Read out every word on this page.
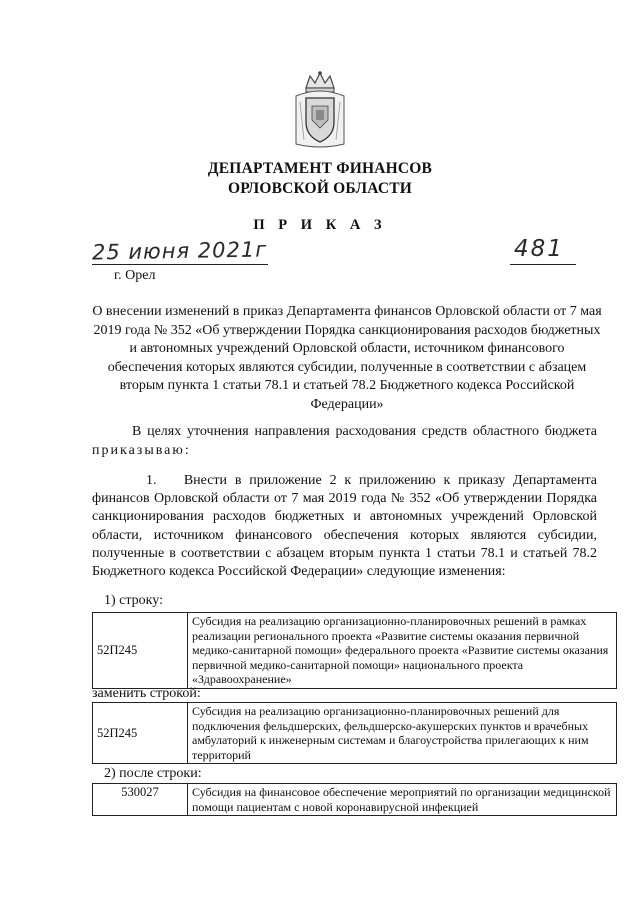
ДЕПАРТАМЕНТ ФИНАНСОВ
ОРЛОВСКОЙ ОБЛАСТИ
П Р И К А З
25 июня 2021г	481
г. Орел
О внесении изменений в приказ Департамента финансов Орловской области от 7 мая 2019 года № 352 «Об утверждении Порядка санкционирования расходов бюджетных и автономных учреждений Орловской области, источником финансового обеспечения которых являются субсидии, полученные в соответствии с абзацем вторым пункта 1 статьи 78.1 и статьей 78.2 Бюджетного кодекса Российской Федерации»
В целях уточнения направления расходования средств областного бюджета приказываю:
1. Внести в приложение 2 к приложению к приказу Департамента финансов Орловской области от 7 мая 2019 года № 352 «Об утверждении Порядка санкционирования расходов бюджетных и автономных учреждений Орловской области, источником финансового обеспечения которых являются субсидии, полученные в соответствии с абзацем вторым пункта 1 статьи 78.1 и статьей 78.2 Бюджетного кодекса Российской Федерации» следующие изменения:
1) строку:
52П245	Субсидия на реализацию организационно-планировочных решений в рамках реализации регионального проекта «Развитие системы оказания первичной медико-санитарной помощи» федерального проекта «Развитие системы оказания первичной медико-санитарной помощи» национального проекта «Здравоохранение»
заменить строкой:
52П245	Субсидия на реализацию организационно-планировочных решений для подключения фельдшерских, фельдшерско-акушерских пунктов и врачебных амбулаторий к инженерным системам и благоустройства прилегающих к ним территорий
2) после строки:
530027	Субсидия на финансовое обеспечение мероприятий по организации медицинской помощи пациентам с новой коронавирусной инфекцией
